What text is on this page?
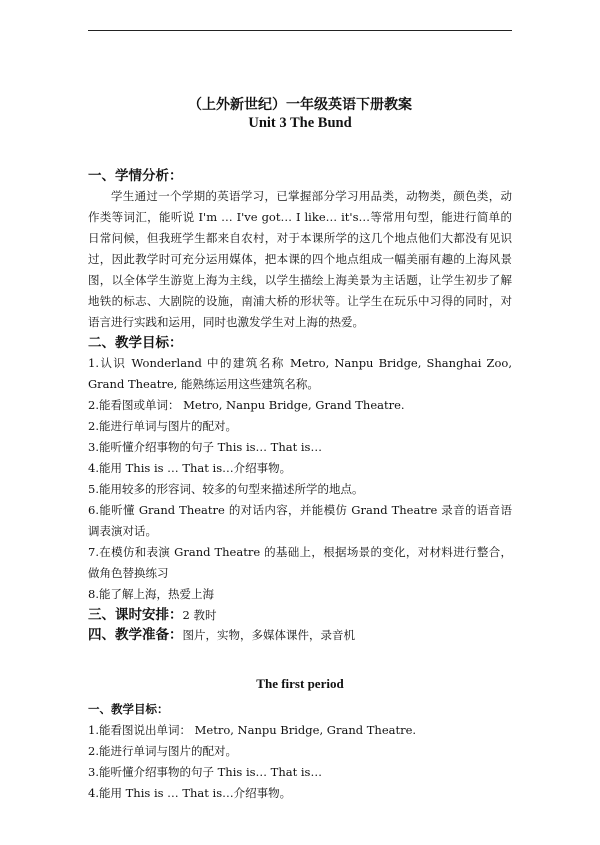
（上外新世纪）一年级英语下册教案

Unit 3 The Bund

一、学情分析：

学生通过一个学期的英语学习，已掌握部分学习用品类，动物类，颜色类，动作类等词汇，能听说 I'm … I've got… I like… it's…等常用句型，能进行简单的日常问候，但我班学生都来自农村，对于本课所学的这几个地点他们大都没有见识过，因此教学时可充分运用媒体，把本课的四个地点组成一幅美丽有趣的上海风景图，以全体学生游览上海为主线，以学生描绘上海美景为主话题，让学生初步了解地铁的标志、大剧院的设施，南浦大桥的形状等。让学生在玩乐中习得的同时，对语言进行实践和运用，同时也激发学生对上海的热爱。

二、教学目标：

1.认识 Wonderland 中的建筑名称 Metro, Nanpu Bridge, Shanghai Zoo, Grand Theatre, 能熟练运用这些建筑名称。

2.能看图或单词： Metro, Nanpu Bridge, Grand Theatre.

2.能进行单词与图片的配对。

3.能听懂介绍事物的句子 This is… That is…

4.能用 This is … That is…介绍事物。

5.能用较多的形容词、较多的句型来描述所学的地点。

6.能听懂 Grand Theatre 的对话内容，并能模仿 Grand Theatre 录音的语音语调表演对话。

7.在模仿和表演 Grand Theatre 的基础上，根据场景的变化，对材料进行整合，做角色替换练习

8.能了解上海，热爱上海

三、课时安排：2 教时

四、教学准备：图片，实物，多媒体课件，录音机

The first period

一、教学目标：

1.能看图说出单词： Metro, Nanpu Bridge, Grand Theatre.

2.能进行单词与图片的配对。

3.能听懂介绍事物的句子 This is… That is…

4.能用 This is … That is…介绍事物。
